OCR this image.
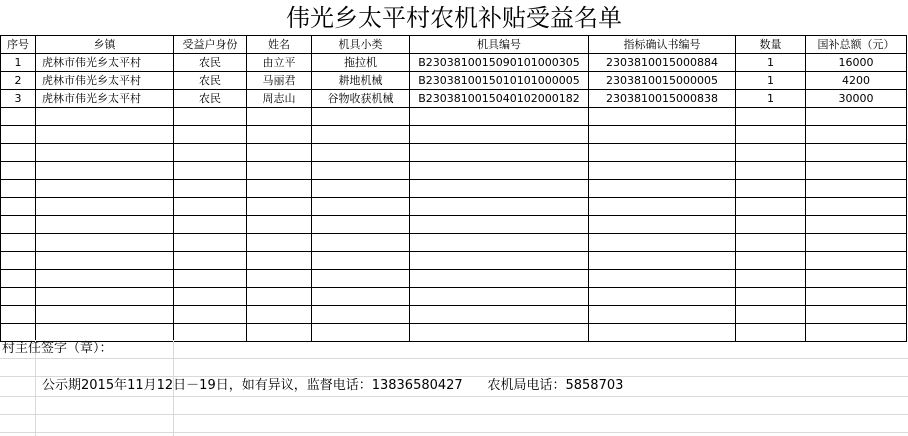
伟光乡太平村农机补贴受益名单
序号	乡镇	受益户身份	姓名	机具小类	机具编号	指标确认书编号	数量	国补总额（元）
1	虎林市伟光乡太平村	农民	由立平	拖拉机	B2303810015090101000305	2303810015000884	1	16000
2	虎林市伟光乡太平村	农民	马丽君	耕地机械	B2303810015010101000005	2303810015000005	1	4200
3	虎林市伟光乡太平村	农民	周志山	谷物收获机械	B2303810015040102000182	2303810015000838	1	30000

村主任签字（章）：
公示期2015年11月12日－19日，如有异议，监督电话：13836580427      农机局电话：5858703
